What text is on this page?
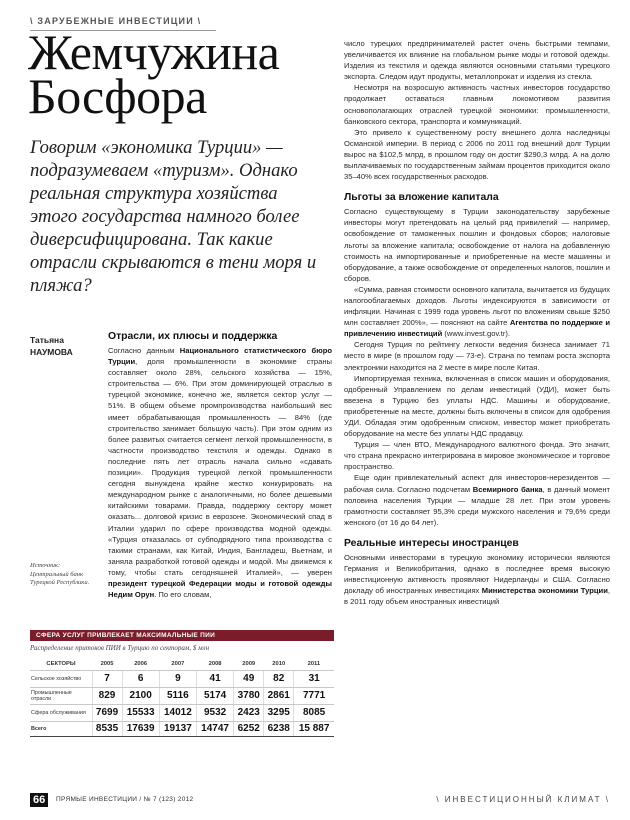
\ ЗАРУБЕЖНЫЕ ИНВЕСТИЦИИ \
Жемчужина
Босфора
Говорим «экономика Турции» — подразумеваем «туризм». Однако реальная структура хозяйства этого государства намного более диверсифицирована. Так какие отрасли скрываются в тени моря и пляжа?
Татьяна
НАУМОВА
Отрасли, их плюсы и поддержка

Согласно данным Национального статистического бюро Турции, доля промышленности в экономике страны составляет около 28%, сельского хозяйства — 15%, строительства — 6%. При этом доминирующей отраслью в турецкой экономике, конечно же, является сектор услуг — 51%. В общем объеме промпроизводства наибольший вес имеет обрабатывающая промышленность — 84% (где строительство занимает большую часть). При этом одним из более развитых считается сегмент легкой промышленности, в частности производство текстиля и одежды. Однако в последние пять лет отрасль начала сильно «сдавать позиции». Продукция турецкой легкой промышленности сегодня вынуждена крайне жестко конкурировать на международном рынке с аналогичными, но более дешевыми китайскими товарами. Правда, поддержку сектору может оказать... долговой кризис в еврозоне. Экономический спад в Италии ударил по сфере производства модной одежды. «Турция отказалась от субподрядного типа производства с такими странами, как Китай, Индия, Бангладеш, Вьетнам, и заняла разработкой готовой одежды и модой. Мы движемся к тому, чтобы стать сегодняшней Италией», — уверен президент турецкой Федерации моды и готовой одежды Недим Орун. По его словам,

Источник: Центральный банк Турецкой Республики.

число турецких предпринимателей растет очень быстрыми темпами, увеличивается их влияние на глобальном рынке моды и готовой одежды. Изделия из текстиля и одежда являются основными статьями турецкого экспорта. Следом идут продукты, металлопрокат и изделия из стекла.

Несмотря на возросшую активность частных инвесторов государство продолжает оставаться главным локомотивом развития основополагающих отраслей турецкой экономики: промышленности, банковского сектора, транспорта и коммуникаций.

Это привело к существенному росту внешнего долга наследницы Османской империи. В период с 2006 по 2011 год внешний долг Турции вырос на $102,5 млрд, в прошлом году он достиг $290,3 млрд. А на долю выплачиваемых по государственным займам процентов приходится около 35–40% всех государственных расходов.

Льготы за вложение капитала

Согласно существующему в Турции законодательству зарубежные инвесторы могут претендовать на целый ряд привилегий — например, освобождение от таможенных пошлин и фондовых сборов; налоговые льготы за вложение капитала; освобождение от налога на добавленную стоимость на импортированные и приобретенные на месте машинны и оборудование, а также освобождение от определенных налогов, пошлин и сборов.

«Сумма, равная стоимости основного капитала, вычитается из будущих налогооблагаемых доходов. Льготы индексируются в зависимости от инфляции. Начиная с 1999 года уровень льгот по вложениям свыше $250 млн составляет 200%», — поясняют на сайте Агентства по поддержке и привлечению инвестиций (www.invest.gov.tr).

Сегодня Турция по рейтингу легкости ведения бизнеса занимает 71 место в мире (в прошлом году — 73-е). Страна по темпам роста экспорта электроники находится на 2 месте в мире после Китая.

Импортируемая техника, включенная в список машин и оборудования, одобренный Управлением по делам инвестиций (УДИ), может быть ввезена в Турцию без уплаты НДС. Машины и оборудование, приобретенные на месте, должны быть включены в список для одобрения УДИ. Обладая этим одобренным списком, инвестор может приобретать оборудование на месте без уплаты НДС продавцу.

Турция — член ВТО, Международного валютного фонда. Это значит, что страна прекрасно интегрирована в мировое экономическое и торговое пространство.

Еще один привлекательный аспект для инвесторов-нерезидентов — рабочая сила. Согласно подсчетам Всемирного банка, в данный момент половина населения Турции — младше 28 лет. При этом уровень грамотности составляет 95,3% среди мужского населения и 79,6% среди женского (от 16 до 64 лет).

Реальные интересы иностранцев

Основными инвесторами в турецкую экономику исторически являются Германия и Великобритания, однако в последнее время высокую инвестиционную активность проявляют Нидерланды и США. Согласно докладу об иностранных инвестициях Министерства экономики Турции, в 2011 году объем иностранных инвестиций

СФЕРА УСЛУГ ПРИВЛЕКАЕТ МАКСИМАЛЬНЫЕ ПИИ
Распределение притоков ПИИ в Турцию по секторам, $ млн
СЕКТОРЫ	2005	2006	2007	2008	2009	2010	2011
Сельское хозяйство	7	6	9	41	49	82	31
Промышленные отрасли	829	2100	5116	5174	3780	2861	7771
Сфера обслуживания	7699	15533	14012	9532	2423	3295	8085
Всего	8535	17639	19137	14747	6252	6238	15 887
66	ПРЯМЫЕ ИНВЕСТИЦИИ / № 7 (123) 2012	\ ИНВЕСТИЦИОННЫЙ КЛИМАТ \
